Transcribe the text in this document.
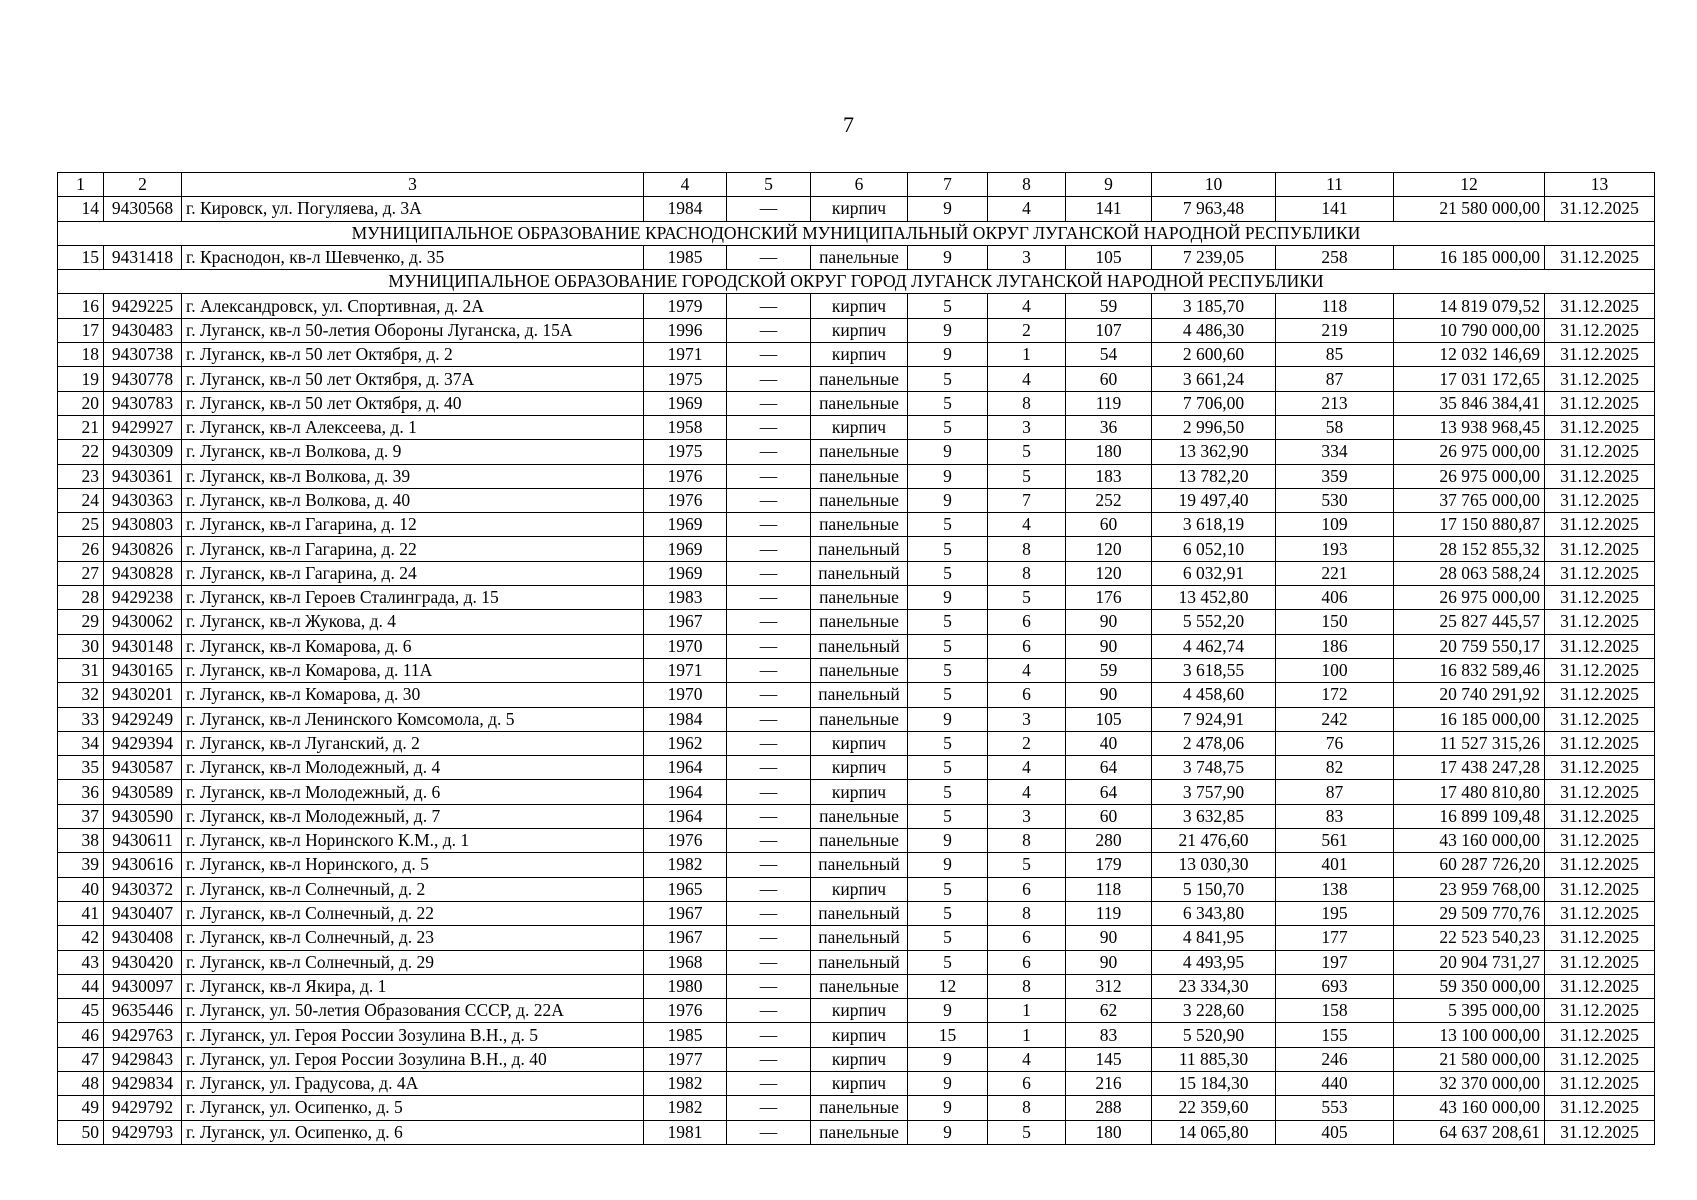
7
1	2	3	4	5	6	7	8	9	10	11	12	13
14	9430568	г. Кировск, ул. Погуляева, д. 3А	1984	—	кирпич	9	4	141	7 963,48	141	21 580 000,00	31.12.2025
МУНИЦИПАЛЬНОЕ ОБРАЗОВАНИЕ КРАСНОДОНСКИЙ МУНИЦИПАЛЬНЫЙ ОКРУГ ЛУГАНСКОЙ НАРОДНОЙ РЕСПУБЛИКИ												
15	9431418	г. Краснодон, кв-л Шевченко, д. 35	1985	—	панельные	9	3	105	7 239,05	258	16 185 000,00	31.12.2025
МУНИЦИПАЛЬНОЕ ОБРАЗОВАНИЕ ГОРОДСКОЙ ОКРУГ ГОРОД ЛУГАНСК ЛУГАНСКОЙ НАРОДНОЙ РЕСПУБЛИКИ												
16	9429225	г. Александровск, ул. Спортивная, д. 2А	1979	—	кирпич	5	4	59	3 185,70	118	14 819 079,52	31.12.2025
17	9430483	г. Луганск, кв-л 50-летия Обороны Луганска, д. 15А	1996	—	кирпич	9	2	107	4 486,30	219	10 790 000,00	31.12.2025
18	9430738	г. Луганск, кв-л 50 лет Октября, д. 2	1971	—	кирпич	9	1	54	2 600,60	85	12 032 146,69	31.12.2025
19	9430778	г. Луганск, кв-л 50 лет Октября, д. 37А	1975	—	панельные	5	4	60	3 661,24	87	17 031 172,65	31.12.2025
20	9430783	г. Луганск, кв-л 50 лет Октября, д. 40	1969	—	панельные	5	8	119	7 706,00	213	35 846 384,41	31.12.2025
21	9429927	г. Луганск, кв-л Алексеева, д. 1	1958	—	кирпич	5	3	36	2 996,50	58	13 938 968,45	31.12.2025
22	9430309	г. Луганск, кв-л Волкова, д. 9	1975	—	панельные	9	5	180	13 362,90	334	26 975 000,00	31.12.2025
23	9430361	г. Луганск, кв-л Волкова, д. 39	1976	—	панельные	9	5	183	13 782,20	359	26 975 000,00	31.12.2025
24	9430363	г. Луганск, кв-л Волкова, д. 40	1976	—	панельные	9	7	252	19 497,40	530	37 765 000,00	31.12.2025
25	9430803	г. Луганск, кв-л Гагарина, д. 12	1969	—	панельные	5	4	60	3 618,19	109	17 150 880,87	31.12.2025
26	9430826	г. Луганск, кв-л Гагарина, д. 22	1969	—	панельный	5	8	120	6 052,10	193	28 152 855,32	31.12.2025
27	9430828	г. Луганск, кв-л Гагарина, д. 24	1969	—	панельный	5	8	120	6 032,91	221	28 063 588,24	31.12.2025
28	9429238	г. Луганск, кв-л Героев Сталинграда, д. 15	1983	—	панельные	9	5	176	13 452,80	406	26 975 000,00	31.12.2025
29	9430062	г. Луганск, кв-л Жукова, д. 4	1967	—	панельные	5	6	90	5 552,20	150	25 827 445,57	31.12.2025
30	9430148	г. Луганск, кв-л Комарова, д. 6	1970	—	панельный	5	6	90	4 462,74	186	20 759 550,17	31.12.2025
31	9430165	г. Луганск, кв-л Комарова, д. 11А	1971	—	панельные	5	4	59	3 618,55	100	16 832 589,46	31.12.2025
32	9430201	г. Луганск, кв-л Комарова, д. 30	1970	—	панельный	5	6	90	4 458,60	172	20 740 291,92	31.12.2025
33	9429249	г. Луганск, кв-л Ленинского Комсомола, д. 5	1984	—	панельные	9	3	105	7 924,91	242	16 185 000,00	31.12.2025
34	9429394	г. Луганск, кв-л Луганский, д. 2	1962	—	кирпич	5	2	40	2 478,06	76	11 527 315,26	31.12.2025
35	9430587	г. Луганск, кв-л Молодежный, д. 4	1964	—	кирпич	5	4	64	3 748,75	82	17 438 247,28	31.12.2025
36	9430589	г. Луганск, кв-л Молодежный, д. 6	1964	—	кирпич	5	4	64	3 757,90	87	17 480 810,80	31.12.2025
37	9430590	г. Луганск, кв-л Молодежный, д. 7	1964	—	панельные	5	3	60	3 632,85	83	16 899 109,48	31.12.2025
38	9430611	г. Луганск, кв-л Норинского К.М., д. 1	1976	—	панельные	9	8	280	21 476,60	561	43 160 000,00	31.12.2025
39	9430616	г. Луганск, кв-л Норинского, д. 5	1982	—	панельный	9	5	179	13 030,30	401	60 287 726,20	31.12.2025
40	9430372	г. Луганск, кв-л Солнечный, д. 2	1965	—	кирпич	5	6	118	5 150,70	138	23 959 768,00	31.12.2025
41	9430407	г. Луганск, кв-л Солнечный, д. 22	1967	—	панельный	5	8	119	6 343,80	195	29 509 770,76	31.12.2025
42	9430408	г. Луганск, кв-л Солнечный, д. 23	1967	—	панельный	5	6	90	4 841,95	177	22 523 540,23	31.12.2025
43	9430420	г. Луганск, кв-л Солнечный, д. 29	1968	—	панельный	5	6	90	4 493,95	197	20 904 731,27	31.12.2025
44	9430097	г. Луганск, кв-л Якира, д. 1	1980	—	панельные	12	8	312	23 334,30	693	59 350 000,00	31.12.2025
45	9635446	г. Луганск, ул. 50-летия Образования СССР, д. 22А	1976	—	кирпич	9	1	62	3 228,60	158	5 395 000,00	31.12.2025
46	9429763	г. Луганск, ул. Героя России Зозулина В.Н., д. 5	1985	—	кирпич	15	1	83	5 520,90	155	13 100 000,00	31.12.2025
47	9429843	г. Луганск, ул. Героя России Зозулина В.Н., д. 40	1977	—	кирпич	9	4	145	11 885,30	246	21 580 000,00	31.12.2025
48	9429834	г. Луганск, ул. Градусова, д. 4А	1982	—	кирпич	9	6	216	15 184,30	440	32 370 000,00	31.12.2025
49	9429792	г. Луганск, ул. Осипенко, д. 5	1982	—	панельные	9	8	288	22 359,60	553	43 160 000,00	31.12.2025
50	9429793	г. Луганск, ул. Осипенко, д. 6	1981	—	панельные	9	5	180	14 065,80	405	64 637 208,61	31.12.2025
